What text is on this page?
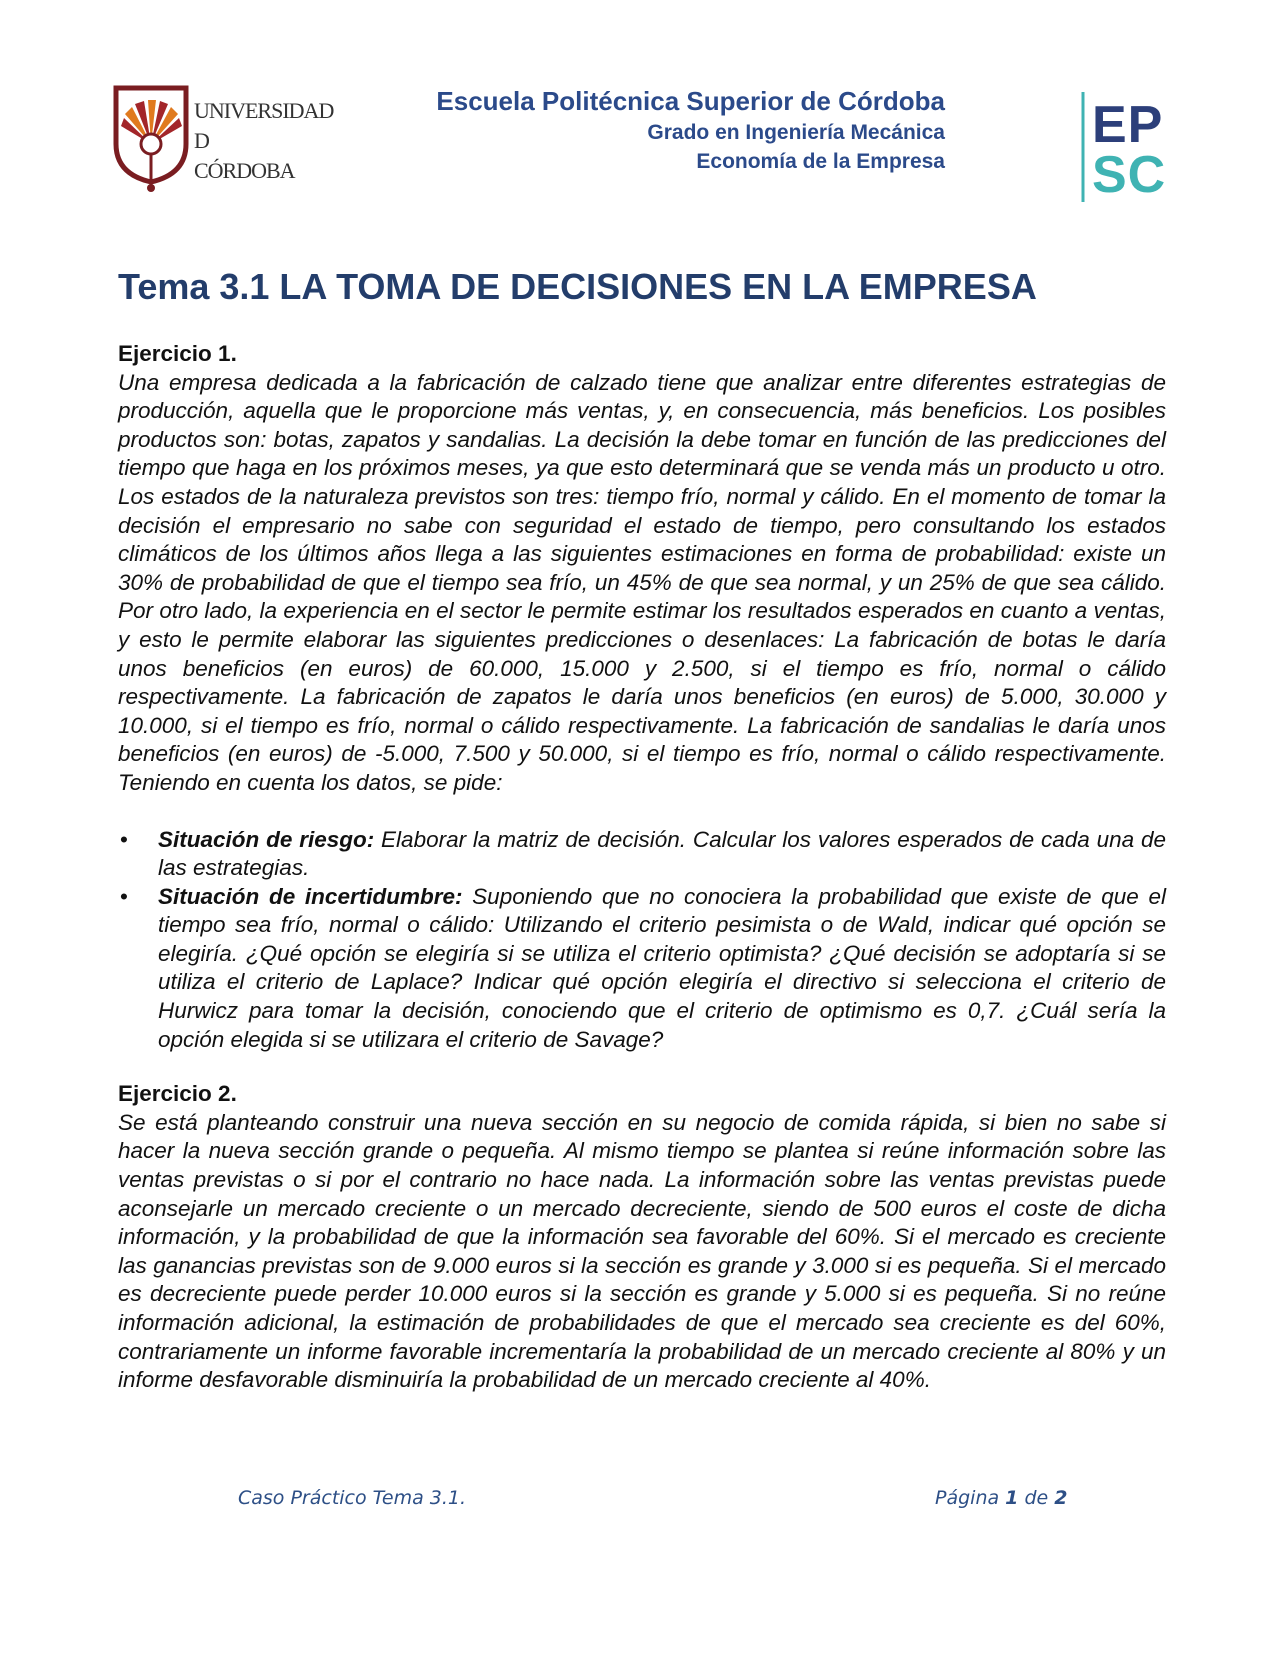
UNIVERSIDAD
D
CÓRDOBA
Escuela Politécnica Superior de Córdoba
Grado en Ingeniería Mecánica
Economía de la Empresa
EP
SC
Tema 3.1 LA TOMA DE DECISIONES EN LA EMPRESA

Ejercicio 1.

Una empresa dedicada a la fabricación de calzado tiene que analizar entre diferentes estrategias de producción, aquella que le proporcione más ventas, y, en consecuencia, más beneficios. Los posibles productos son: botas, zapatos y sandalias. La decisión la debe tomar en función de las predicciones del tiempo que haga en los próximos meses, ya que esto determinará que se venda más un producto u otro. Los estados de la naturaleza previstos son tres: tiempo frío, normal y cálido. En el momento de tomar la decisión el empresario no sabe con seguridad el estado de tiempo, pero consultando los estados climáticos de los últimos años llega a las siguientes estimaciones en forma de probabilidad: existe un 30% de probabilidad de que el tiempo sea frío, un 45% de que sea normal, y un 25% de que sea cálido. Por otro lado, la experiencia en el sector le permite estimar los resultados esperados en cuanto a ventas, y esto le permite elaborar las siguientes predicciones o desenlaces: La fabricación de botas le daría unos beneficios (en euros) de 60.000, 15.000 y 2.500, si el tiempo es frío, normal o cálido respectivamente. La fabricación de zapatos le daría unos beneficios (en euros) de 5.000, 30.000 y 10.000, si el tiempo es frío, normal o cálido respectivamente. La fabricación de sandalias le daría unos beneficios (en euros) de -5.000, 7.500 y 50.000, si el tiempo es frío, normal o cálido respectivamente. Teniendo en cuenta los datos, se pide:

• Situación de riesgo: Elaborar la matriz de decisión. Calcular los valores esperados de cada una de las estrategias.
• Situación de incertidumbre: Suponiendo que no conociera la probabilidad que existe de que el tiempo sea frío, normal o cálido: Utilizando el criterio pesimista o de Wald, indicar qué opción se elegiría. ¿Qué opción se elegiría si se utiliza el criterio optimista? ¿Qué decisión se adoptaría si se utiliza el criterio de Laplace? Indicar qué opción elegiría el directivo si selecciona el criterio de Hurwicz para tomar la decisión, conociendo que el criterio de optimismo es 0,7. ¿Cuál sería la opción elegida si se utilizara el criterio de Savage?

Ejercicio 2.

Se está planteando construir una nueva sección en su negocio de comida rápida, si bien no sabe si hacer la nueva sección grande o pequeña. Al mismo tiempo se plantea si reúne información sobre las ventas previstas o si por el contrario no hace nada. La información sobre las ventas previstas puede aconsejarle un mercado creciente o un mercado decreciente, siendo de 500 euros el coste de dicha información, y la probabilidad de que la información sea favorable del 60%. Si el mercado es creciente las ganancias previstas son de 9.000 euros si la sección es grande y 3.000 si es pequeña. Si el mercado es decreciente puede perder 10.000 euros si la sección es grande y 5.000 si es pequeña. Si no reúne información adicional, la estimación de probabilidades de que el mercado sea creciente es del 60%, contrariamente un informe favorable incrementaría la probabilidad de un mercado creciente al 80% y un informe desfavorable disminuiría la probabilidad de un mercado creciente al 40%.

Caso Práctico Tema 3.1.	Página 1 de 2
